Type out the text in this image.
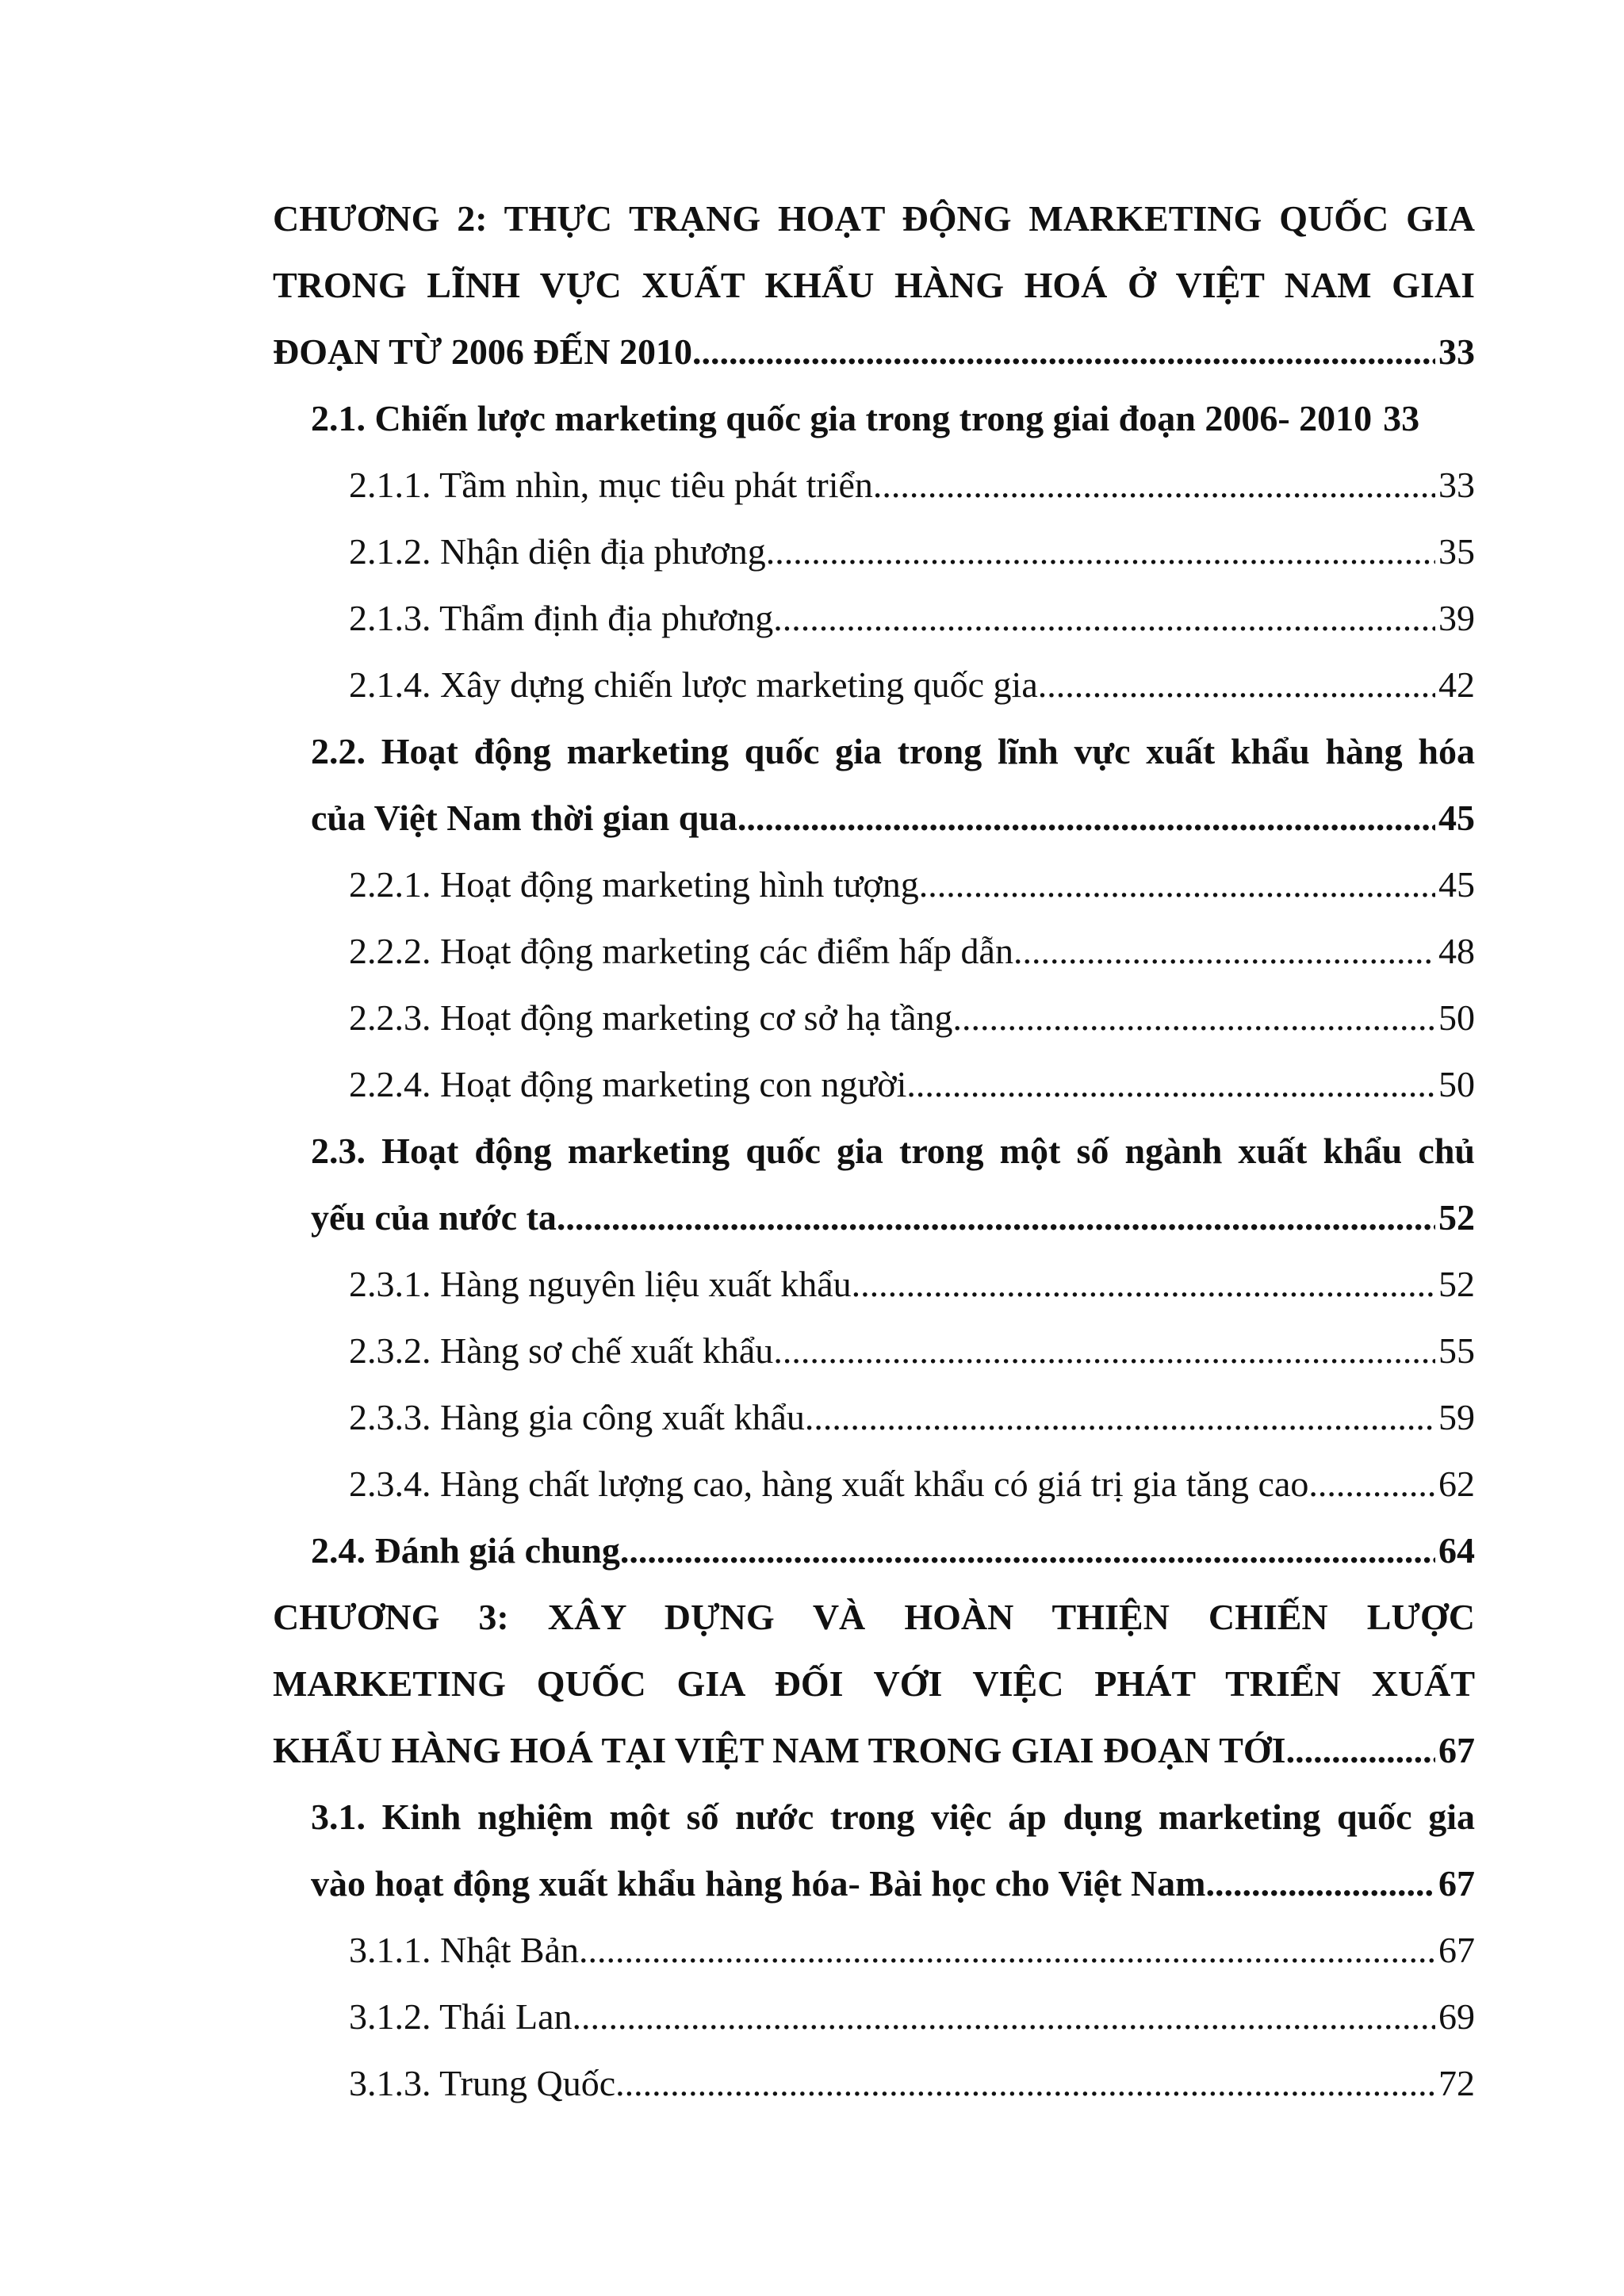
CHƯƠNG 2: THỰC TRẠNG HOẠT ĐỘNG MARKETING QUỐC GIA
TRONG LĨNH VỰC XUẤT KHẨU HÀNG HOÁ Ở VIỆT NAM GIAI
ĐOẠN TỪ 2006 ĐẾN 2010 .....	33
2.1. Chiến lược marketing quốc gia trong trong giai đoạn 2006- 2010 33
2.1.1. Tầm nhìn, mục tiêu phát triển .....	33
2.1.2. Nhận diện địa phương .....	35
2.1.3. Thẩm định địa phương .....	39
2.1.4. Xây dựng chiến lược marketing quốc gia .....	42
2.2. Hoạt động marketing quốc gia trong lĩnh vực xuất khẩu hàng hóa
của Việt Nam thời gian qua .....	45
2.2.1. Hoạt động marketing hình tượng .....	45
2.2.2. Hoạt động marketing các điểm hấp dẫn .....	48
2.2.3. Hoạt động marketing cơ sở hạ tầng .....	50
2.2.4. Hoạt động marketing con người .....	50
2.3. Hoạt động marketing quốc gia trong một số ngành xuất khẩu chủ
yếu của nước ta .....	52
2.3.1. Hàng nguyên liệu xuất khẩu .....	52
2.3.2. Hàng sơ chế xuất khẩu .....	55
2.3.3. Hàng gia công xuất khẩu .....	59
2.3.4. Hàng chất lượng cao, hàng xuất khẩu có giá trị gia tăng cao .....	62
2.4. Đánh giá chung .....	64
CHƯƠNG 3: XÂY DỰNG VÀ HOÀN THIỆN CHIẾN LƯỢC
MARKETING QUỐC GIA ĐỐI VỚI VIỆC PHÁT TRIỂN XUẤT
KHẨU HÀNG HOÁ TẠI VIỆT NAM TRONG GIAI ĐOẠN TỚI .....	67
3.1. Kinh nghiệm một số nước trong việc áp dụng marketing quốc gia
vào hoạt động xuất khẩu hàng hóa- Bài học cho Việt Nam .....	67
3.1.1. Nhật Bản .....	67
3.1.2. Thái Lan .....	69
3.1.3. Trung Quốc .....	72
